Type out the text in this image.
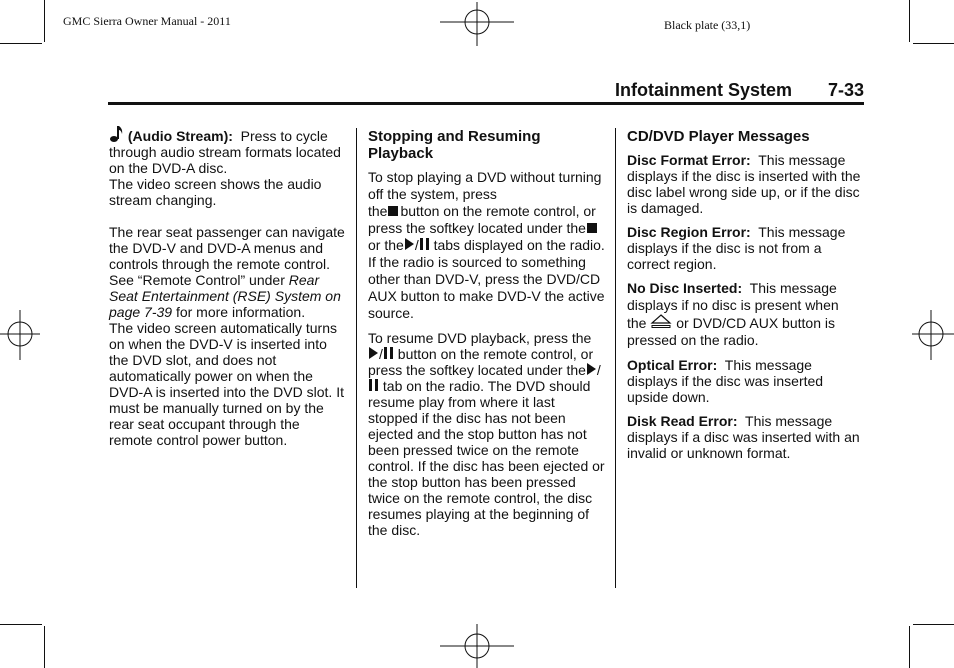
GMC Sierra Owner Manual - 2011	Black plate (33,1)
Infotainment System 7-33

(Audio Stream): Press to cycle through audio stream formats located on the DVD-A disc.

The video screen shows the audio stream changing.

The rear seat passenger can navigate the DVD-V and DVD-A menus and controls through the remote control. See “Remote Control” under Rear Seat Entertainment (RSE) System on page 7-39 for more information.

The video screen automatically turns on when the DVD-V is inserted into the DVD slot, and does not automatically power on when the DVD-A is inserted into the DVD slot. It must be manually turned on by the rear seat occupant through the remote control power button.

Stopping and Resuming Playback

To stop playing a DVD without turning off the system, press
the button on the remote control, or press the softkey located under the or the / tabs displayed on the radio. If the radio is sourced to something other than DVD-V, press the DVD/CD AUX button to make DVD-V the active source.

To resume DVD playback, press the / button on the remote control, or press the softkey located under the / tab on the radio. The DVD should resume play from where it last stopped if the disc has not been ejected and the stop button has not been pressed twice on the remote control. If the disc has been ejected or the stop button has been pressed twice on the remote control, the disc resumes playing at the beginning of the disc.

CD/DVD Player Messages

Disc Format Error: This message displays if the disc is inserted with the disc label wrong side up, or if the disc is damaged.

Disc Region Error: This message displays if the disc is not from a correct region.

No Disc Inserted: This message displays if no disc is present when the or DVD/CD AUX button is pressed on the radio.

Optical Error: This message displays if the disc was inserted upside down.

Disk Read Error: This message displays if a disc was inserted with an invalid or unknown format.
